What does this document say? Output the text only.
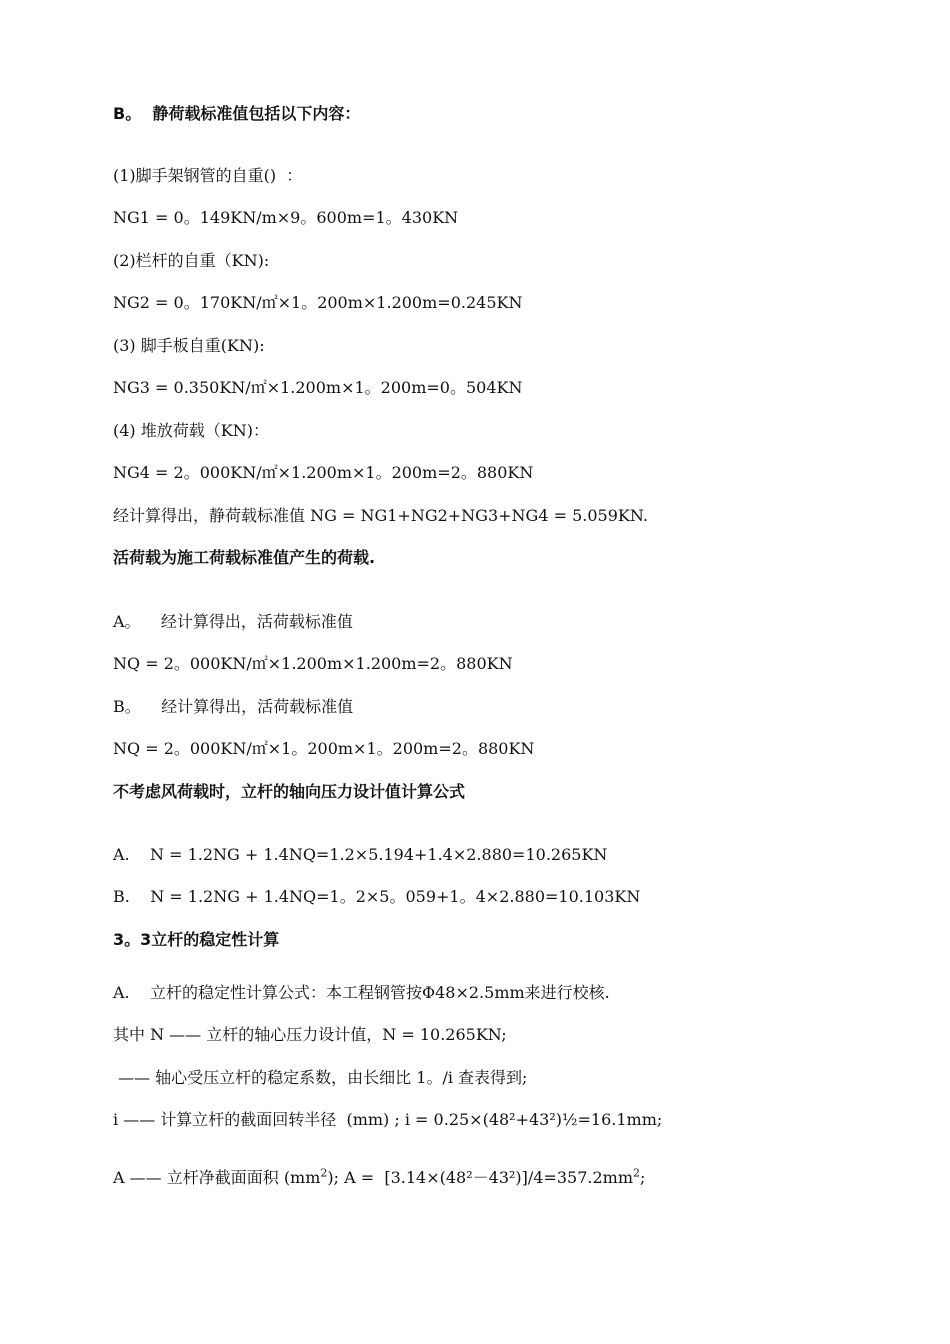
B。  静荷载标准值包括以下内容：
(1)脚手架钢管的自重()  ：
NG1 = 0。149KN/m×9。600m=1。430KN
(2)栏杆的自重（KN):
NG2 = 0。170KN/㎡×1。200m×1.200m=0.245KN
(3) 脚手板自重(KN):
NG3 = 0.350KN/㎡×1.200m×1。200m=0。504KN
(4) 堆放荷载（KN)：
NG4 = 2。000KN/㎡×1.200m×1。200m=2。880KN
经计算得出，静荷载标准值 NG = NG1+NG2+NG3+NG4 = 5.059KN.
活荷载为施工荷载标准值产生的荷载.
A。    经计算得出，活荷载标准值
NQ = 2。000KN/㎡×1.200m×1.200m=2。880KN
B。    经计算得出，活荷载标准值
NQ = 2。000KN/㎡×1。200m×1。200m=2。880KN
不考虑风荷载时，立杆的轴向压力设计值计算公式
A.    N = 1.2NG + 1.4NQ=1.2×5.194+1.4×2.880=10.265KN
B.    N = 1.2NG + 1.4NQ=1。2×5。059+1。4×2.880=10.103KN
3。3立杆的稳定性计算
A.    立杆的稳定性计算公式：本工程钢管按Φ48×2.5mm来进行校核.
其中 N —— 立杆的轴心压力设计值，N = 10.265KN;
—— 轴心受压立杆的稳定系数，由长细比 1。/i 查表得到;
i —— 计算立杆的截面回转半径  (mm) ; i = 0.25×(48²+43²)½=16.1mm;
A —— 立杆净截面面积 $(mm^2)$; $A = [3.14\times(48^2-43^2)]/4=357.2mm^2$;
